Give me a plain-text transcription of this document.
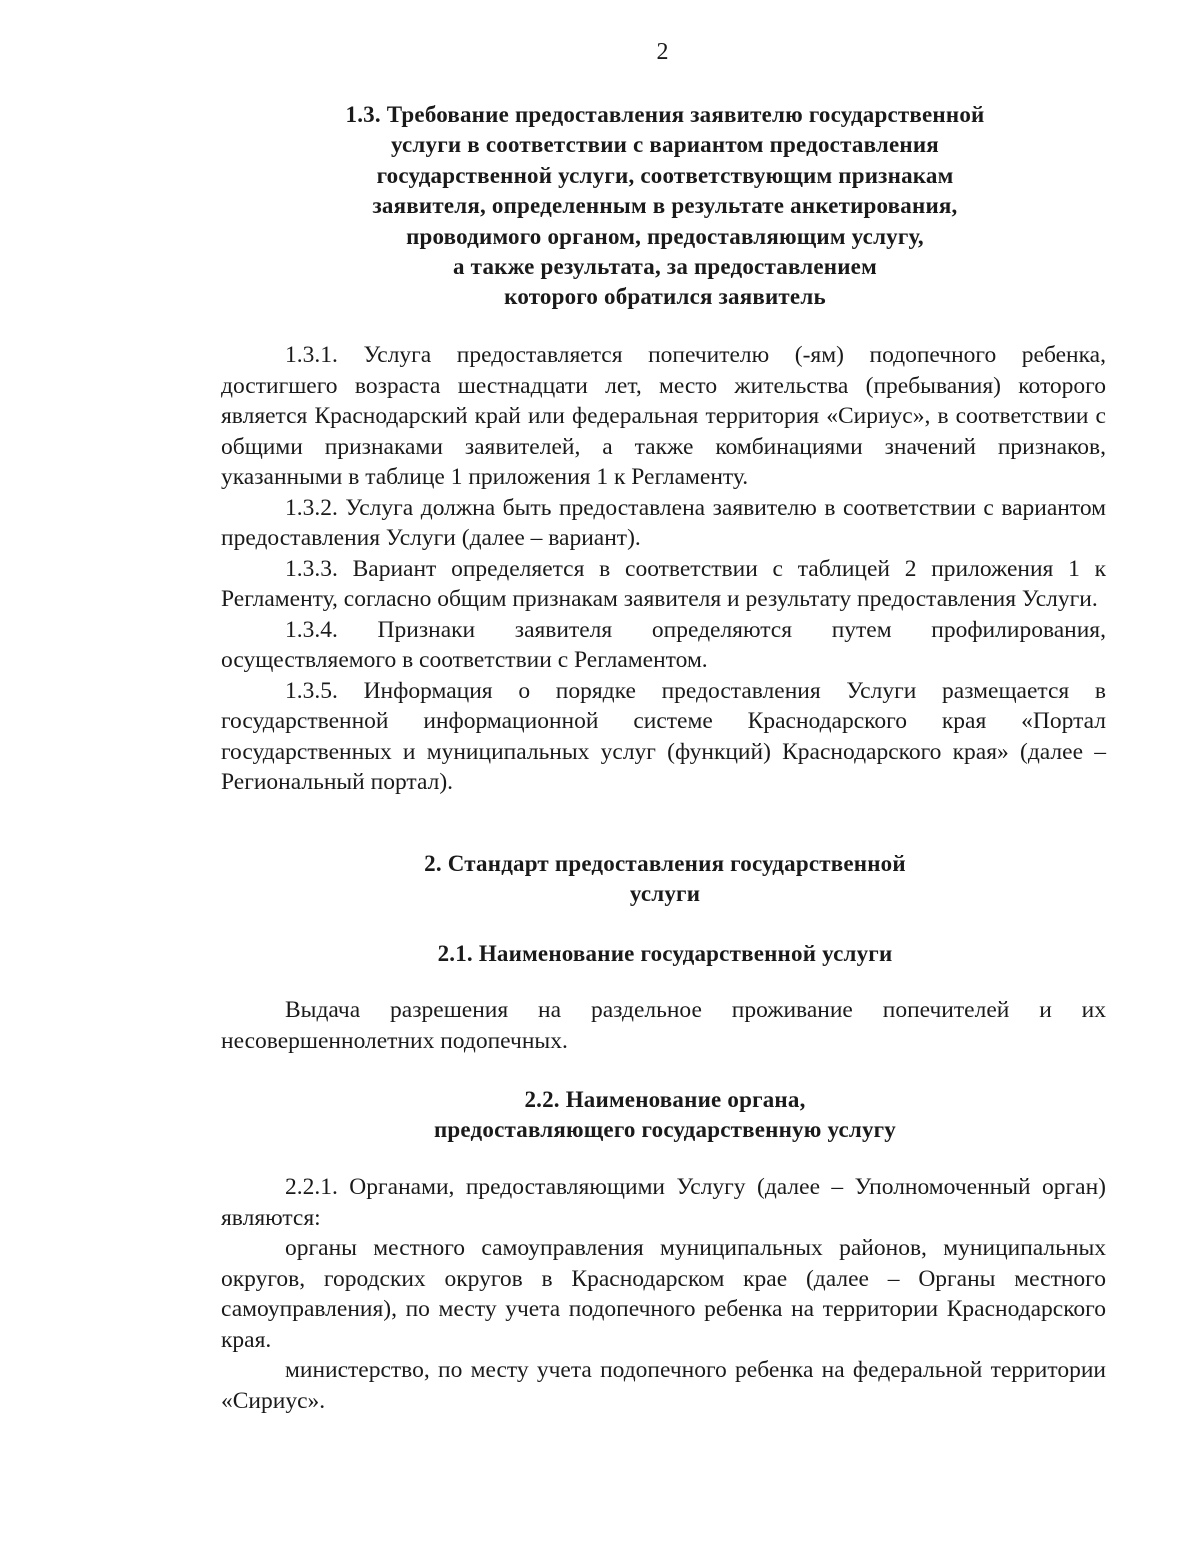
2
1.3. Требование предоставления заявителю государственной
услуги в соответствии с вариантом предоставления
государственной услуги, соответствующим признакам
заявителя, определенным в результате анкетирования,
проводимого органом, предоставляющим услугу,
а также результата, за предоставлением
которого обратился заявитель

1.3.1. Услуга предоставляется попечителю (-ям) подопечного ребенка, достигшего возраста шестнадцати лет, место жительства (пребывания) которого является Краснодарский край или федеральная территория «Сириус», в соответствии с общими признаками заявителей, а также комбинациями значений признаков, указанными в таблице 1 приложения 1 к Регламенту.

1.3.2. Услуга должна быть предоставлена заявителю в соответствии с вариантом предоставления Услуги (далее – вариант).

1.3.3. Вариант определяется в соответствии с таблицей 2 приложения 1 к Регламенту, согласно общим признакам заявителя и результату предоставления Услуги.

1.3.4. Признаки заявителя определяются путем профилирования, осуществляемого в соответствии с Регламентом.

1.3.5. Информация о порядке предоставления Услуги размещается в государственной информационной системе Краснодарского края «Портал государственных и муниципальных услуг (функций) Краснодарского края» (далее – Региональный портал).

2. Стандарт предоставления государственной
услуги
2.1. Наименование государственной услуги

Выдача разрешения на раздельное проживание попечителей и их несовершеннолетних подопечных.

2.2. Наименование органа,
предоставляющего государственную услугу

2.2.1. Органами, предоставляющими Услугу (далее – Уполномоченный орган) являются:

органы местного самоуправления муниципальных районов, муниципальных округов, городских округов в Краснодарском крае (далее – Органы местного самоуправления), по месту учета подопечного ребенка на территории Краснодарского края.

министерство, по месту учета подопечного ребенка на федеральной территории «Сириус».
